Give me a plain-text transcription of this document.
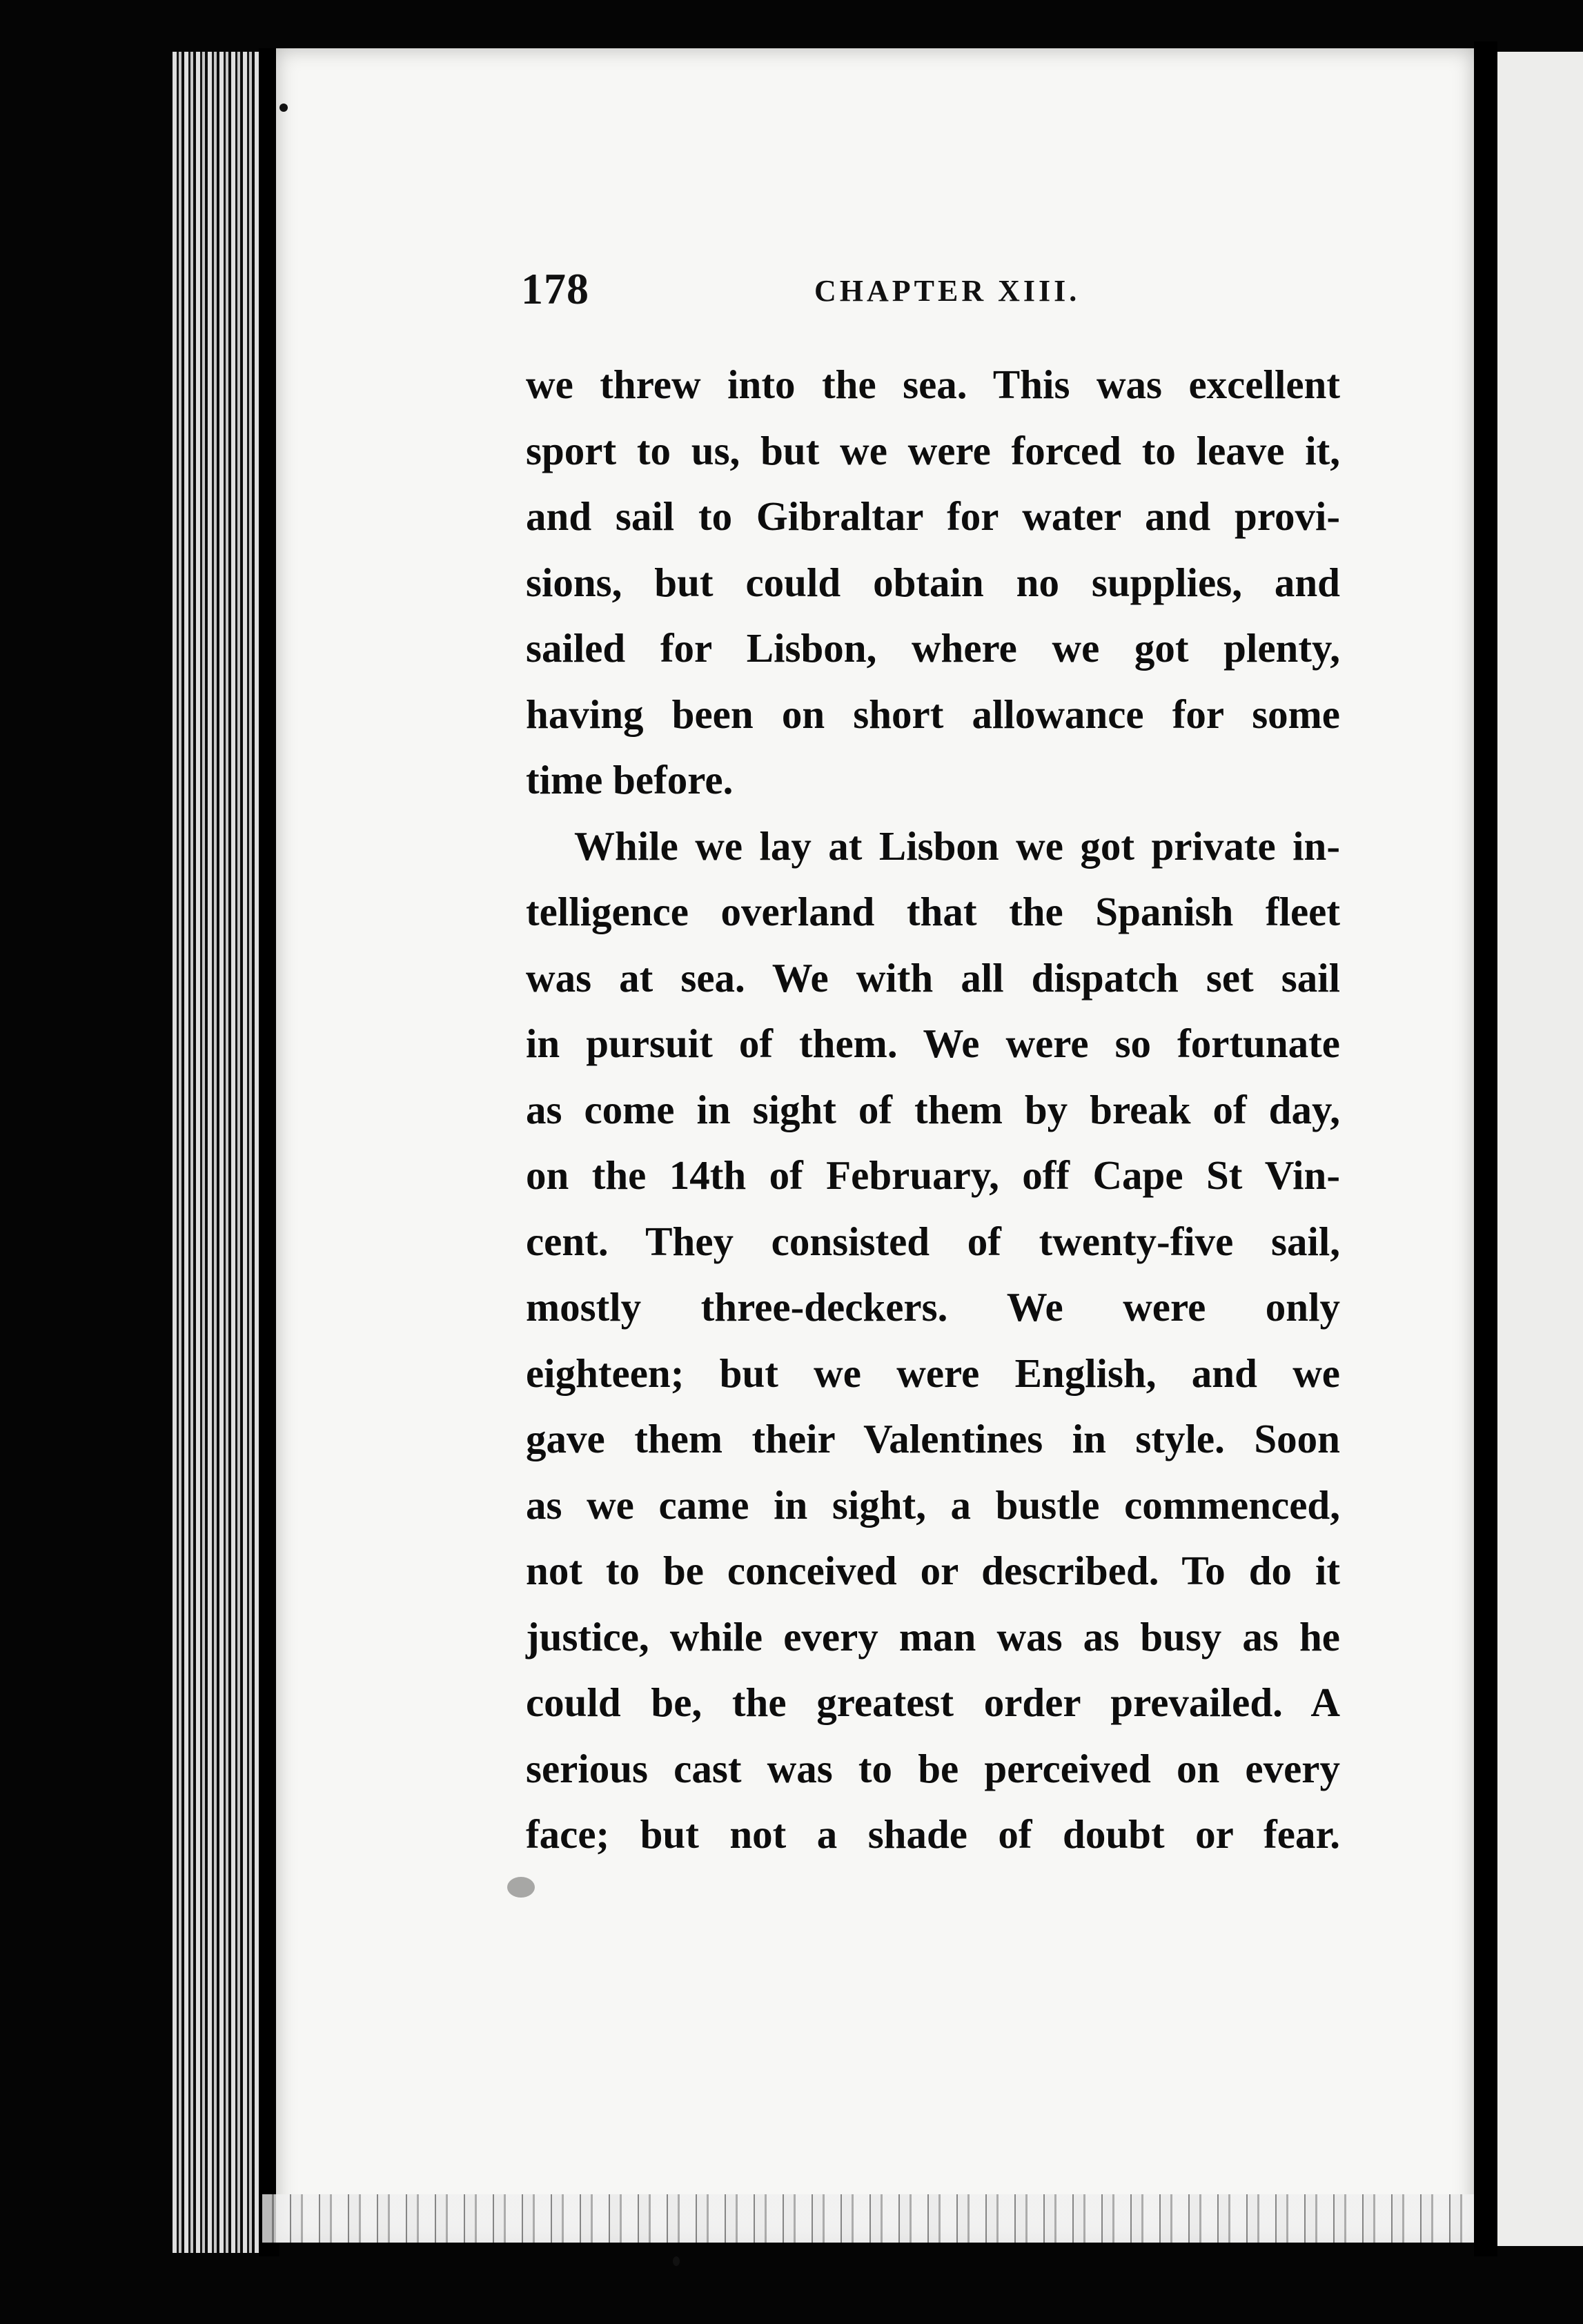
178	CHAPTER XIII.
we threw into the sea. This was excellent
sport to us, but we were forced to leave it,
and sail to Gibraltar for water and provi-
sions, but could obtain no supplies, and
sailed for Lisbon, where we got plenty,
having been on short allowance for some
time before.
While we lay at Lisbon we got private in-
telligence overland that the Spanish fleet
was at sea. We with all dispatch set sail
in pursuit of them. We were so fortunate
as come in sight of them by break of day,
on the 14th of February, off Cape St Vin-
cent. They consisted of twenty-five sail,
mostly three-deckers. We were only
eighteen; but we were English, and we
gave them their Valentines in style. Soon
as we came in sight, a bustle commenced,
not to be conceived or described. To do it
justice, while every man was as busy as he
could be, the greatest order prevailed. A
serious cast was to be perceived on every
face; but not a shade of doubt or fear.
